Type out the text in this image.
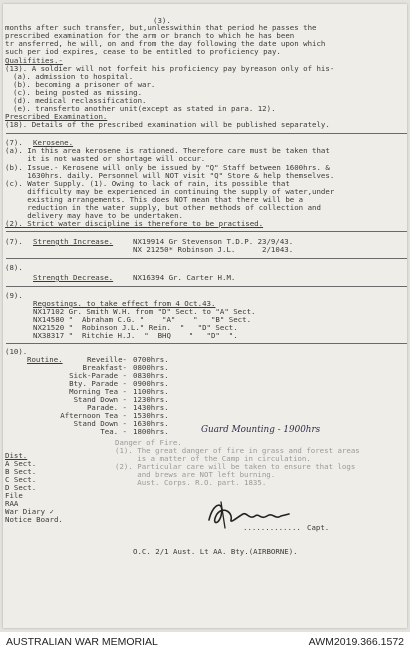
(3).
months after such transfer, but,unlesswithin that period he passes the
prescribed examination for the arm or branch to which he has been
tr ansferred, he will, on and from the day following the date upon which
such per iod expires, cease to be entitled to proficiency pay.
Qualifities.-
(13). A soldier will not forfeit his proficiency pay byreason only of his-
(a). admission to hospital.
(b). becoming a prisoner of war.
(c). being posted as missing.
(d). medical reclassification.
(e). transferto another unit(except as stated in para. 12).
Prescribed Examination.
(18). Details of the prescribed examination will be published separately.
(7). Kerosene.
(a). In this area kerosene is rationed. Therefore care must be taken that
it is not wasted or shortage will occur.
(b). Issue.- Kerosene will only be issued by "Q" Staff between 1600hrs. &
1630hrs. daily. Personnel will NOT visit "Q" Store & help themselves.
(c). Water Supply. (1). Owing to lack of rain, its possible that
difficulty may be experienced in continuing the supply of water,under
existing arrangements. This does NOT mean that there will be a
reduction in the water supply, but other methods of collection and
delivery may have to be undertaken.
(2). Strict water discipline is therefore to be practised.
(7). Strength Increase.	NX19914 Gr Stevenson T.D.P. 23/9/43.
NX 21250* Robinson J.L.      2/1043.
(8).
Strength Decrease.	NX16394 Gr. Carter H.M.
(9).
Regostings. to take effect from 4 Oct.43.
NX17102 Gr. Smith W.H. from "D" Sect. to "A" Sect.
NX14580 "  Abraham C.G. "    "A"    "   "B" Sect.
NX21520 "  Robinson J.L." Rein.  "   "D" Sect.
NX38317 "  Ritchie H.J.  "  BHQ    "   "D"  ".
(10).
Routine.	Reveille- 0700hrs.
Breakfast- 0800hrs.
Sick-Parade - 0830hrs.
Bty. Parade - 0900hrs.
Morning Tea - 1100hrs.
Stand Down - 1230hrs.
Parade. - 1430hrs.
Afternoon Tea - 1530hrs.
Stand Down - 1630hrs.
Tea. - 1800hrs.	Guard Mounting - 1900hrs
Danger of Fire.
(1). The great danger of fire in grass and forest areas
is a matter of the Camp in circulation.
(2). Particular care will be taken to ensure that logs
and brews are NOT left burning.
Aust. Corps. R.O. part. 1835.
Dist.
A Sect.
B Sect.
C Sect.
D Sect.
File
RAA
War Diary ✓
Notice Board.
............. Capt.
O.C. 2/1 Aust. Lt AA. Bty.(AIRBORNE).
AUSTRALIAN WAR MEMORIAL	AWM2019.366.1572
